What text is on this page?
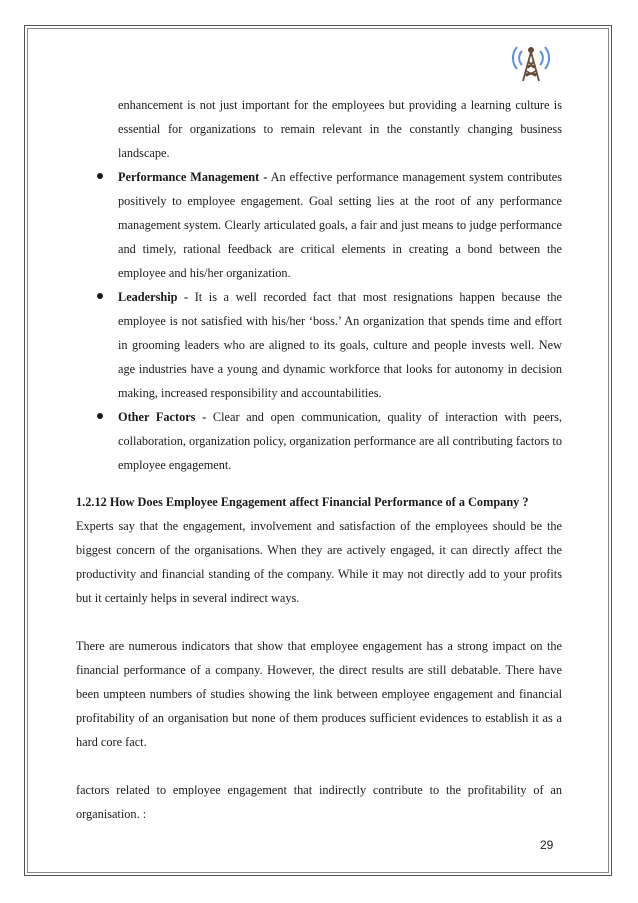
enhancement is not just important for the employees but providing a learning culture is essential for organizations to remain relevant in the constantly changing business landscape.

Performance Management - An effective performance management system contributes positively to employee engagement. Goal setting lies at the root of any performance management system. Clearly articulated goals, a fair and just means to judge performance and timely, rational feedback are critical elements in creating a bond between the employee and his/her organization.
Leadership - It is a well recorded fact that most resignations happen because the employee is not satisfied with his/her ‘boss.’ An organization that spends time and effort in grooming leaders who are aligned to its goals, culture and people invests well. New age industries have a young and dynamic workforce that looks for autonomy in decision making, increased responsibility and accountabilities.
Other Factors - Clear and open communication, quality of interaction with peers, collaboration, organization policy, organization performance are all contributing factors to employee engagement.
1.2.12 How Does Employee Engagement affect Financial Performance of a Company ?

Experts say that the engagement, involvement and satisfaction of the employees should be the biggest concern of the organisations. When they are actively engaged, it can directly affect the productivity and financial standing of the company. While it may not directly add to your profits but it certainly helps in several indirect ways.

There are numerous indicators that show that employee engagement has a strong impact on the financial performance of a company. However, the direct results are still debatable. There have been umpteen numbers of studies showing the link between employee engagement and financial profitability of an organisation but none of them produces sufficient evidences to establish it as a hard core fact.

factors related to employee engagement that indirectly contribute to the profitability of an organisation. :

29
